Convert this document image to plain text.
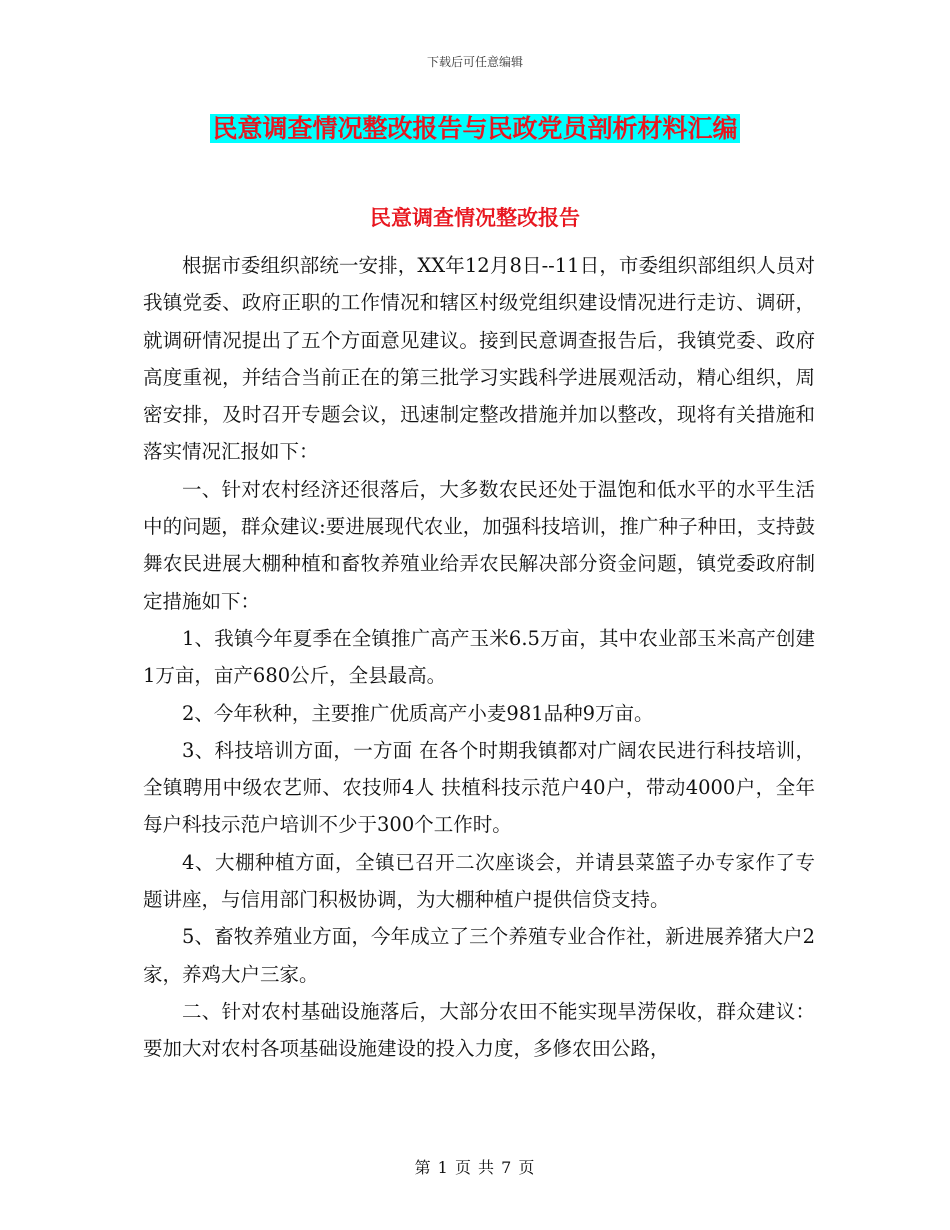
下载后可任意编辑
民意调查情况整改报告与民政党员剖析材料汇编
民意调查情况整改报告

根据市委组织部统一安排，XX年12月8日--11日，市委组织部组织人员对我镇党委、政府正职的工作情况和辖区村级党组织建设情况进行走访、调研，就调研情况提出了五个方面意见建议。接到民意调查报告后，我镇党委、政府高度重视，并结合当前正在的第三批学习实践科学进展观活动，精心组织，周密安排，及时召开专题会议，迅速制定整改措施并加以整改，现将有关措施和落实情况汇报如下：

一、针对农村经济还很落后，大多数农民还处于温饱和低水平的水平生活中的问题，群众建议:要进展现代农业，加强科技培训，推广种子种田，支持鼓舞农民进展大棚种植和畜牧养殖业给弄农民解决部分资金问题，镇党委政府制定措施如下：

1、我镇今年夏季在全镇推广高产玉米6.5万亩，其中农业部玉米高产创建1万亩，亩产680公斤，全县最高。

2、今年秋种，主要推广优质高产小麦981品种9万亩。

3、科技培训方面，一方面 在各个时期我镇都对广阔农民进行科技培训，全镇聘用中级农艺师、农技师4人 扶植科技示范户40户，带动4000户，全年每户科技示范户培训不少于300个工作时。

4、大棚种植方面，全镇已召开二次座谈会，并请县菜篮子办专家作了专题讲座，与信用部门积极协调，为大棚种植户提供信贷支持。

5、畜牧养殖业方面，今年成立了三个养殖专业合作社，新进展养猪大户2家，养鸡大户三家。

二、针对农村基础设施落后，大部分农田不能实现旱涝保收，群众建议：要加大对农村各项基础设施建设的投入力度，多修农田公路，

第 1 页 共 7 页
